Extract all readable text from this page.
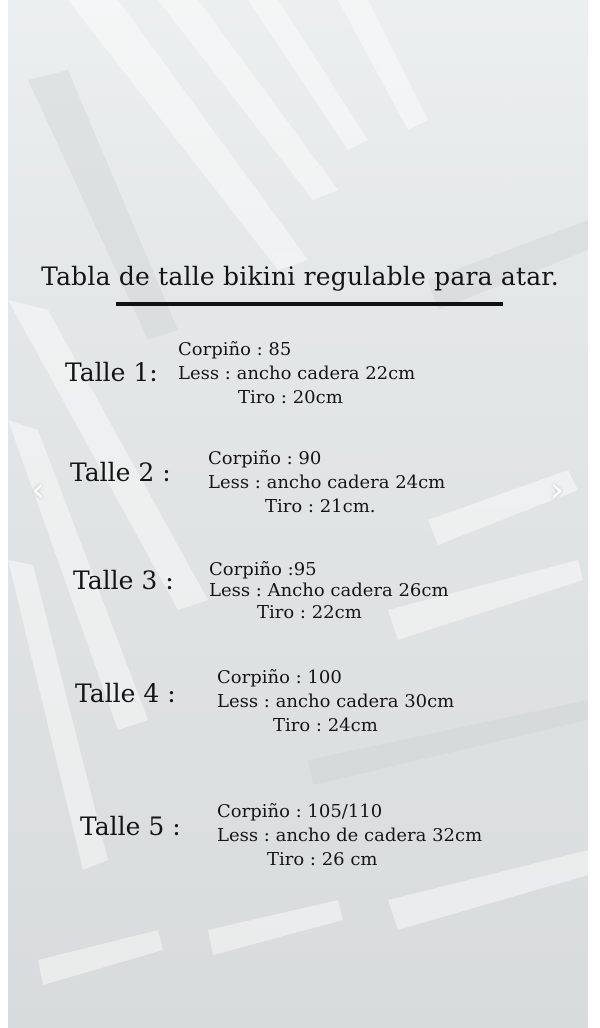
Tabla de talle bikini regulable para atar.
Talle 1:
Corpiño : 85
Less : ancho cadera 22cm
Tiro : 20cm
Talle 2 : Corpiño : 90
Less : ancho cadera 24cm
Tiro : 21cm.
Talle 3 : Corpiño :95
Less : Ancho cadera 26cm
Tiro : 22cm
Talle 4 :
Corpiño : 100
Less : ancho cadera 30cm
Tiro : 24cm
Talle 5 :
Corpiño : 105/110
Less : ancho de cadera 32cm
Tiro : 26 cm
‹	›
